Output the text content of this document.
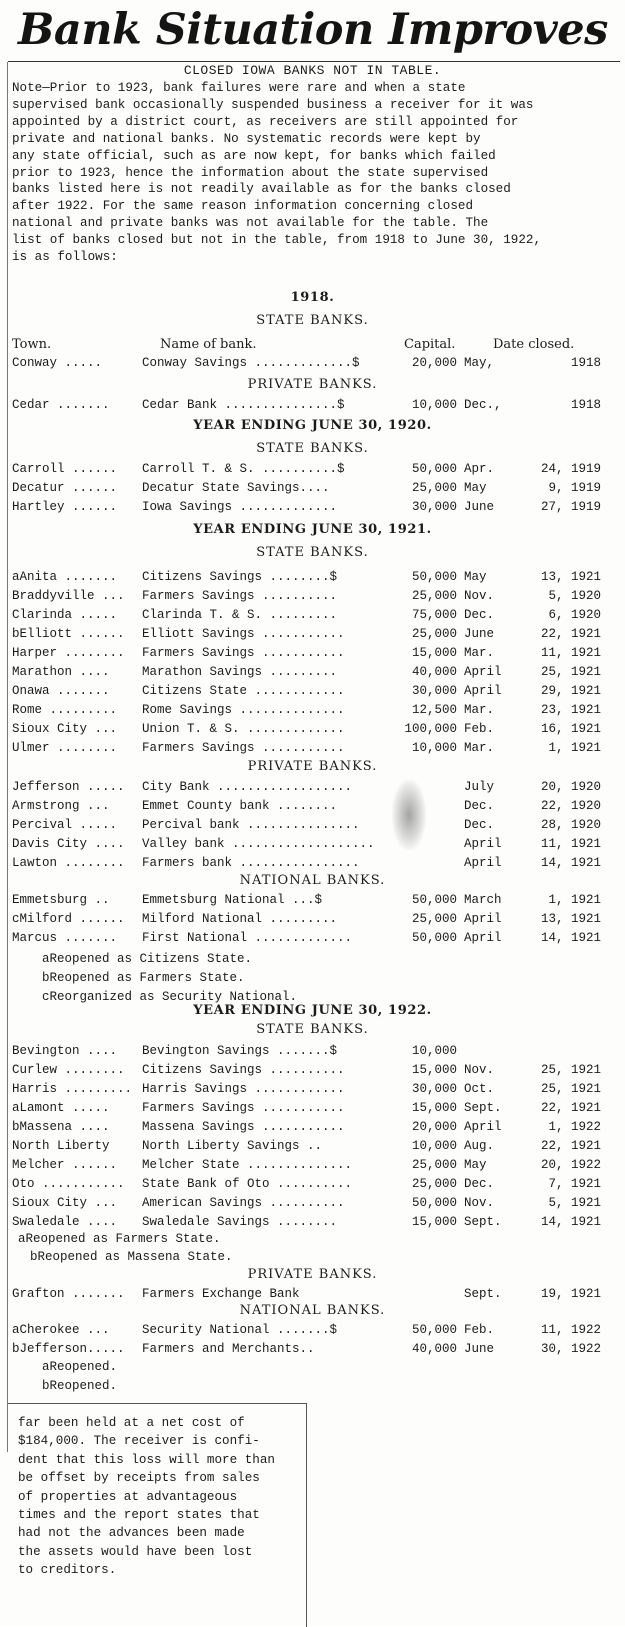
Bank Situation Improves
CLOSED IOWA BANKS NOT IN TABLE.
Note—Prior to 1923, bank failures were rare and when a state
supervised bank occasionally suspended business a receiver for it was
appointed by a district court, as receivers are still appointed for
private and national banks. No systematic records were kept by
any state official, such as are now kept, for banks which failed
prior to 1923, hence the information about the state supervised
banks listed here is not readily available as for the banks closed
after 1922. For the same reason information concerning closed
national and private banks was not available for the table. The
list of banks closed but not in the table, from 1918 to June 30, 1922,
is as follows:
1918.
STATE BANKS.
Town.	Name of bank.	Capital.	Date closed.
Conway .....	Conway Savings .............$	20,000 May,	1918
PRIVATE BANKS.
Cedar .......	Cedar Bank ...............$	10,000 Dec.,	1918
YEAR ENDING JUNE 30, 1920.
STATE BANKS.
Carroll ...... Carroll T. & S. ..........$	50,000 Apr.	24, 1919
Decatur ...... Decatur State Savings....	25,000 May	9, 1919
Hartley ...... Iowa Savings .............	30,000 June	27, 1919
YEAR ENDING JUNE 30, 1921.
STATE BANKS.
aAnita ....... Citizens Savings ........$	50,000 May	13, 1921
Braddyville ... Farmers Savings ..........	25,000 Nov.	5, 1920
Clarinda ..... Clarinda T. & S. .........	75,000 Dec.	6, 1920
bElliott ...... Elliott Savings ...........	25,000 June	22, 1921
Harper ........ Farmers Savings ...........	15,000 Mar.	11, 1921
Marathon ....	Marathon Savings .........	40,000 April	25, 1921
Onawa .......	Citizens State ............	30,000 April	29, 1921
Rome ......... Rome Savings ..............	12,500 Mar.	23, 1921
Sioux City ... Union T. & S. .............	100,000 Feb.	16, 1921
Ulmer ........ Farmers Savings ...........	10,000 Mar.	1, 1921
PRIVATE BANKS.
Jefferson ..... City Bank ..................	July	20, 1920
Armstrong ...	Emmet County bank ........	Dec.	22, 1920
Percival ..... Percival bank ...............	Dec.	28, 1920
Davis City .... Valley bank ...................	April	11, 1921
Lawton ........ Farmers bank ................	April	14, 1921
NATIONAL BANKS.
Emmetsburg ..	Emmetsburg National ...$	50,000 March	1, 1921
cMilford ...... Milford National .........	25,000 April	13, 1921
Marcus ....... First National .............	50,000 April	14, 1921
aReopened as Citizens State.
bReopened as Farmers State.
cReorganized as Security National.
YEAR ENDING JUNE 30, 1922.
STATE BANKS.
Bevington .... Bevington Savings .......$	10,000
Curlew ........ Citizens Savings ..........	15,000 Nov.	25, 1921
Harris ......... Harris Savings ............	30,000 Oct.	25, 1921
aLamont .....	Farmers Savings ...........	15,000 Sept.	22, 1921
bMassena ....	Massena Savings ...........	20,000 April	1, 1922
North Liberty	North Liberty Savings ..	10,000 Aug.	22, 1921
Melcher ...... Melcher State ..............	25,000 May	20, 1922
Oto ........... State Bank of Oto ..........	25,000 Dec.	7, 1921
Sioux City ... American Savings ..........	50,000 Nov.	5, 1921
Swaledale .... Swaledale Savings ........	15,000 Sept.	14, 1921
aReopened as Farmers State.
bReopened as Massena State.
PRIVATE BANKS.
Grafton ....... Farmers Exchange Bank	Sept.	19, 1921
NATIONAL BANKS.
aCherokee ...	Security National .......$	50,000 Feb.	11, 1922
bJefferson..... Farmers and Merchants..	40,000 June	30, 1922
aReopened.
bReopened.
far been held at a net cost of
$184,000. The receiver is confi-
dent that this loss will more than
be offset by receipts from sales
of properties at advantageous
times and the report states that
had not the advances been made
the assets would have been lost
to creditors.
